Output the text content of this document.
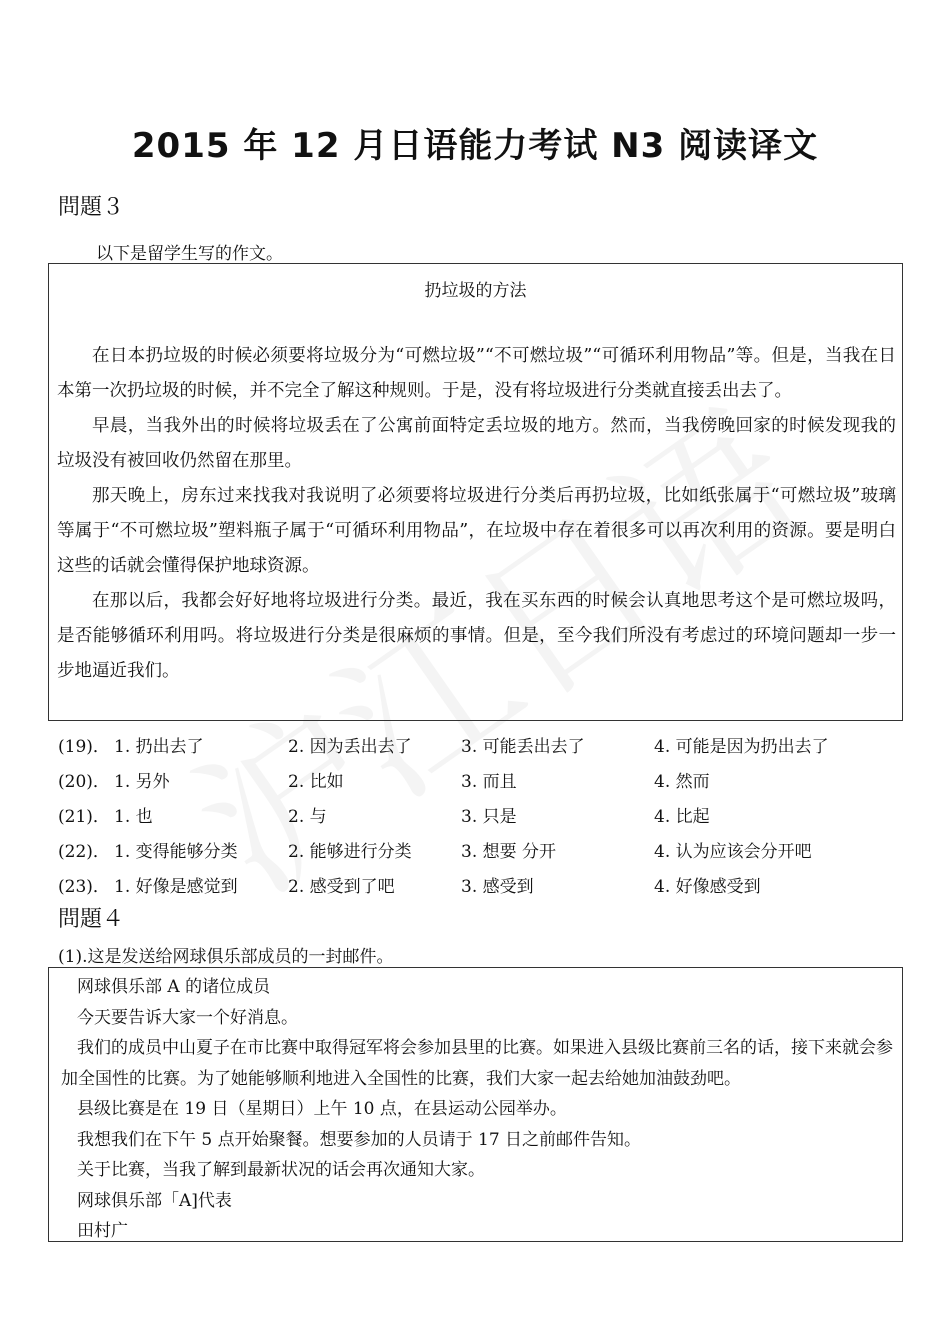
2015 年 12 月日语能力考试 N3 阅读译文
問題３
以下是留学生写的作文。
扔垃圾的方法

在日本扔垃圾的时候必须要将垃圾分为“可燃垃圾”“不可燃垃圾”“可循环利用物品”等。但是，当我在日本第一次扔垃圾的时候，并不完全了解这种规则。于是，没有将垃圾进行分类就直接丢出去了。

早晨，当我外出的时候将垃圾丢在了公寓前面特定丢垃圾的地方。然而，当我傍晚回家的时候发现我的垃圾没有被回收仍然留在那里。

那天晚上，房东过来找我对我说明了必须要将垃圾进行分类后再扔垃圾，比如纸张属于“可燃垃圾”玻璃等属于“不可燃垃圾”塑料瓶子属于“可循环利用物品”，在垃圾中存在着很多可以再次利用的资源。要是明白这些的话就会懂得保护地球资源。

在那以后，我都会好好地将垃圾进行分类。最近，我在买东西的时候会认真地思考这个是可燃垃圾吗，是否能够循环利用吗。将垃圾进行分类是很麻烦的事情。但是，至今我们所没有考虑过的环境问题却一步一步地逼近我们。

(19)． 1. 扔出去了	2. 因为丢出去了	3. 可能丢出去了	4. 可能是因为扔出去了
(20)． 1. 另外	2. 比如	3. 而且	4. 然而
(21)． 1. 也	2. 与	3. 只是	4. 比起
(22)． 1. 变得能够分类	2. 能够进行分类	3. 想要 分开	4. 认为应该会分开吧
(23)． 1. 好像是感觉到	2. 感受到了吧	3. 感受到	4. 好像感受到
問題４
(1).这是发送给网球俱乐部成员的一封邮件。

网球俱乐部 A 的诸位成员

今天要告诉大家一个好消息。

我们的成员中山夏子在市比赛中取得冠军将会参加县里的比赛。如果进入县级比赛前三名的话，接下来就会参加全国性的比赛。为了她能够顺利地进入全国性的比赛，我们大家一起去给她加油鼓劲吧。

县级比赛是在 19 日（星期日）上午 10 点，在县运动公园举办。

我想我们在下午 5 点开始聚餐。想要参加的人员请于 17 日之前邮件告知。

关于比赛，当我了解到最新状况的话会再次通知大家。

网球俱乐部「A]代表

田村广
